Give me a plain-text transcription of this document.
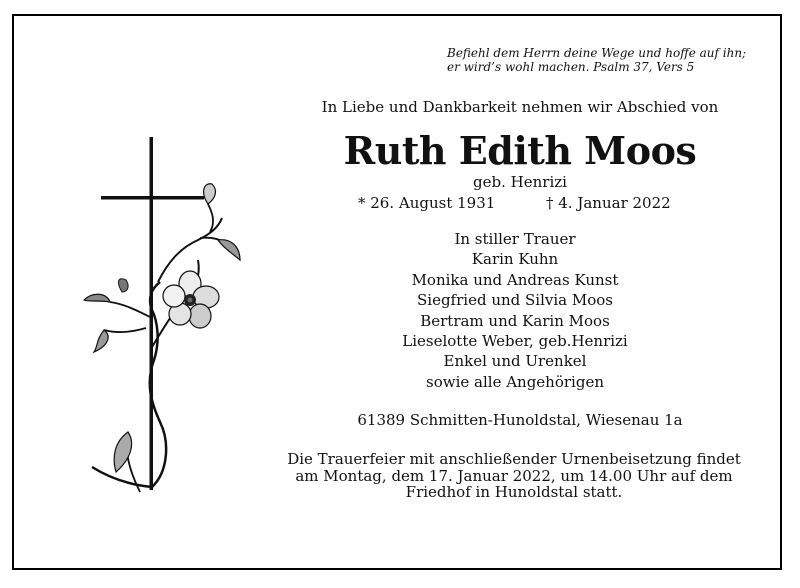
Befiehl dem Herrn deine Wege und hoffe auf ihn;
er wird’s wohl machen. Psalm 37, Vers 5
In Liebe und Dankbarkeit nehmen wir Abschied von
Ruth Edith Moos
geb. Henrizi
* 26. August 1931	† 4. Januar 2022
In stiller Trauer
Karin Kuhn
Monika und Andreas Kunst
Siegfried und Silvia Moos
Bertram und Karin Moos
Lieselotte Weber, geb.Henrizi
Enkel und Urenkel
sowie alle Angehörigen
61389 Schmitten-Hunoldstal, Wiesenau 1a
Die Trauerfeier mit anschließender Urnenbeisetzung findet
am Montag, dem 17. Januar 2022, um 14.00 Uhr auf dem
Friedhof in Hunoldstal statt.
